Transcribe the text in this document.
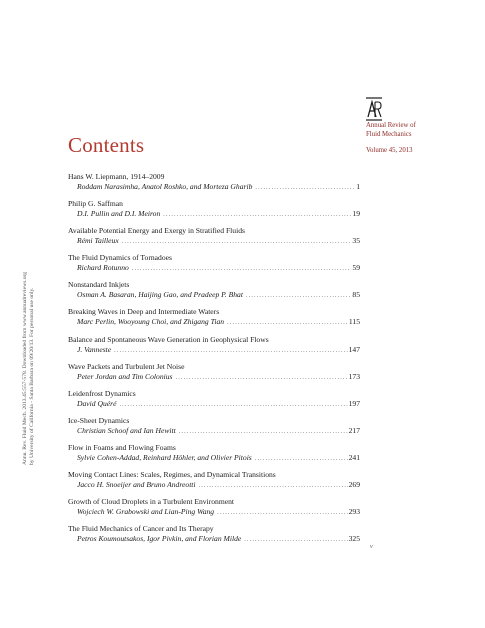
Annual Review of
Fluid Mechanics
Volume 45, 2013
Contents
Annu. Rev. Fluid Mech. 2013.45:557-578. Downloaded from www.annualreviews.org by University of California - Santa Barbara on 09/20/13. For personal use only.
Hans W. Liepmann, 1914–2009
Roddam Narasimha, Anatol Roshko, and Morteza Gharib .....	1
Philip G. Saffman
D.I. Pullin and D.I. Meiron .....	19
Available Potential Energy and Exergy in Stratified Fluids
Rémi Tailleux .....	35
The Fluid Dynamics of Tornadoes
Richard Rotunno .....	59
Nonstandard Inkjets
Osman A. Basaran, Haijing Gao, and Pradeep P. Bhat .....	85
Breaking Waves in Deep and Intermediate Waters
Marc Perlin, Wooyoung Choi, and Zhigang Tian .....	115
Balance and Spontaneous Wave Generation in Geophysical Flows
J. Vanneste .....	147
Wave Packets and Turbulent Jet Noise
Peter Jordan and Tim Colonius .....	173
Leidenfrost Dynamics
David Quéré .....	197
Ice-Sheet Dynamics
Christian Schoof and Ian Hewitt .....	217
Flow in Foams and Flowing Foams
Sylvie Cohen-Addad, Reinhard Höhler, and Olivier Pitois .....	241
Moving Contact Lines: Scales, Regimes, and Dynamical Transitions
Jacco H. Snoeijer and Bruno Andreotti .....	269
Growth of Cloud Droplets in a Turbulent Environment
Wojciech W. Grabowski and Lian-Ping Wang .....	293
The Fluid Mechanics of Cancer and Its Therapy
Petros Koumoutsakos, Igor Pivkin, and Florian Milde .....	325
v
